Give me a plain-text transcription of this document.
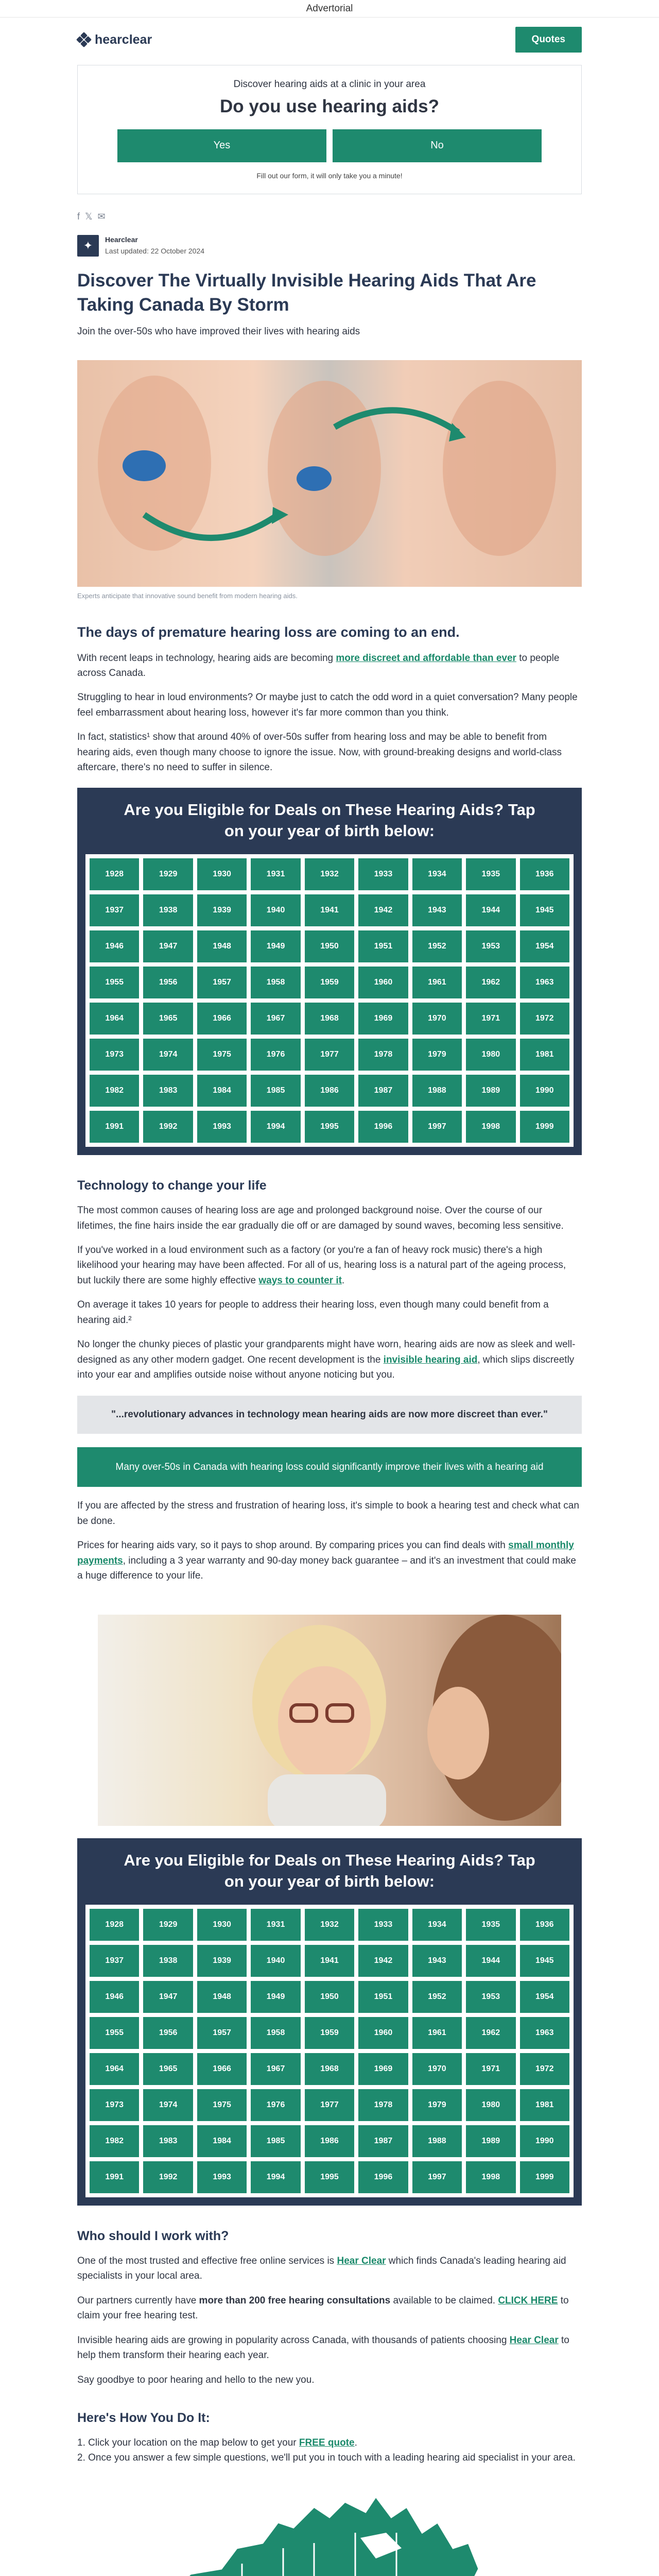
Advertorial
hearclear	Quotes
Discover hearing aids at a clinic in your area
Do you use hearing aids?
Yes	No
Fill out our form, it will only take you a minute!
f 𝕏 ✉
✦	Hearclear
Last updated: 22 October 2024
Discover The Virtually Invisible Hearing Aids That Are Taking Canada By Storm
Join the over-50s who have improved their lives with hearing aids
Experts anticipate that innovative sound benefit from modern hearing aids.
The days of premature hearing loss are coming to an end.

With recent leaps in technology, hearing aids are becoming more discreet and affordable than ever to people across Canada.

Struggling to hear in loud environments? Or maybe just to catch the odd word in a quiet conversation? Many people feel embarrassment about hearing loss, however it's far more common than you think.

In fact, statistics¹ show that around 40% of over-50s suffer from hearing loss and may be able to benefit from hearing aids, even though many choose to ignore the issue. Now, with ground-breaking designs and world-class aftercare, there's no need to suffer in silence.

Are you Eligible for Deals on These Hearing Aids? Tap on your year of birth below:
1928	1929	1930	1931	1932	1933	1934	1935	1936
1937	1938	1939	1940	1941	1942	1943	1944	1945
1946	1947	1948	1949	1950	1951	1952	1953	1954
1955	1956	1957	1958	1959	1960	1961	1962	1963
1964	1965	1966	1967	1968	1969	1970	1971	1972
1973	1974	1975	1976	1977	1978	1979	1980	1981
1982	1983	1984	1985	1986	1987	1988	1989	1990
1991	1992	1993	1994	1995	1996	1997	1998	1999
Technology to change your life

The most common causes of hearing loss are age and prolonged background noise. Over the course of our lifetimes, the fine hairs inside the ear gradually die off or are damaged by sound waves, becoming less sensitive.

If you've worked in a loud environment such as a factory (or you're a fan of heavy rock music) there's a high likelihood your hearing may have been affected. For all of us, hearing loss is a natural part of the ageing process, but luckily there are some highly effective ways to counter it.

On average it takes 10 years for people to address their hearing loss, even though many could benefit from a hearing aid.²

No longer the chunky pieces of plastic your grandparents might have worn, hearing aids are now as sleek and well-designed as any other modern gadget. One recent development is the invisible hearing aid, which slips discreetly into your ear and amplifies outside noise without anyone noticing but you.

"...revolutionary advances in technology mean hearing aids are now more discreet than ever."
Many over-50s in Canada with hearing loss could significantly improve their lives with a hearing aid

If you are affected by the stress and frustration of hearing loss, it's simple to book a hearing test and check what can be done.

Prices for hearing aids vary, so it pays to shop around. By comparing prices you can find deals with small monthly payments, including a 3 year warranty and 90-day money back guarantee – and it's an investment that could make a huge difference to your life.

Are you Eligible for Deals on These Hearing Aids? Tap on your year of birth below:
1928	1929	1930	1931	1932	1933	1934	1935	1936
1937	1938	1939	1940	1941	1942	1943	1944	1945
1946	1947	1948	1949	1950	1951	1952	1953	1954
1955	1956	1957	1958	1959	1960	1961	1962	1963
1964	1965	1966	1967	1968	1969	1970	1971	1972
1973	1974	1975	1976	1977	1978	1979	1980	1981
1982	1983	1984	1985	1986	1987	1988	1989	1990
1991	1992	1993	1994	1995	1996	1997	1998	1999
Who should I work with?

One of the most trusted and effective free online services is Hear Clear which finds Canada's leading hearing aid specialists in your local area.

Our partners currently have more than 200 free hearing consultations available to be claimed. CLICK HERE to claim your free hearing test.

Invisible hearing aids are growing in popularity across Canada, with thousands of patients choosing Hear Clear to help them transform their hearing each year.

Say goodbye to poor hearing and hello to the new you.

Here's How You Do It:
1. Click your location on the map below to get your FREE quote.
2. Once you answer a few simple questions, we'll put you in touch with a leading hearing aid specialist in your area.
